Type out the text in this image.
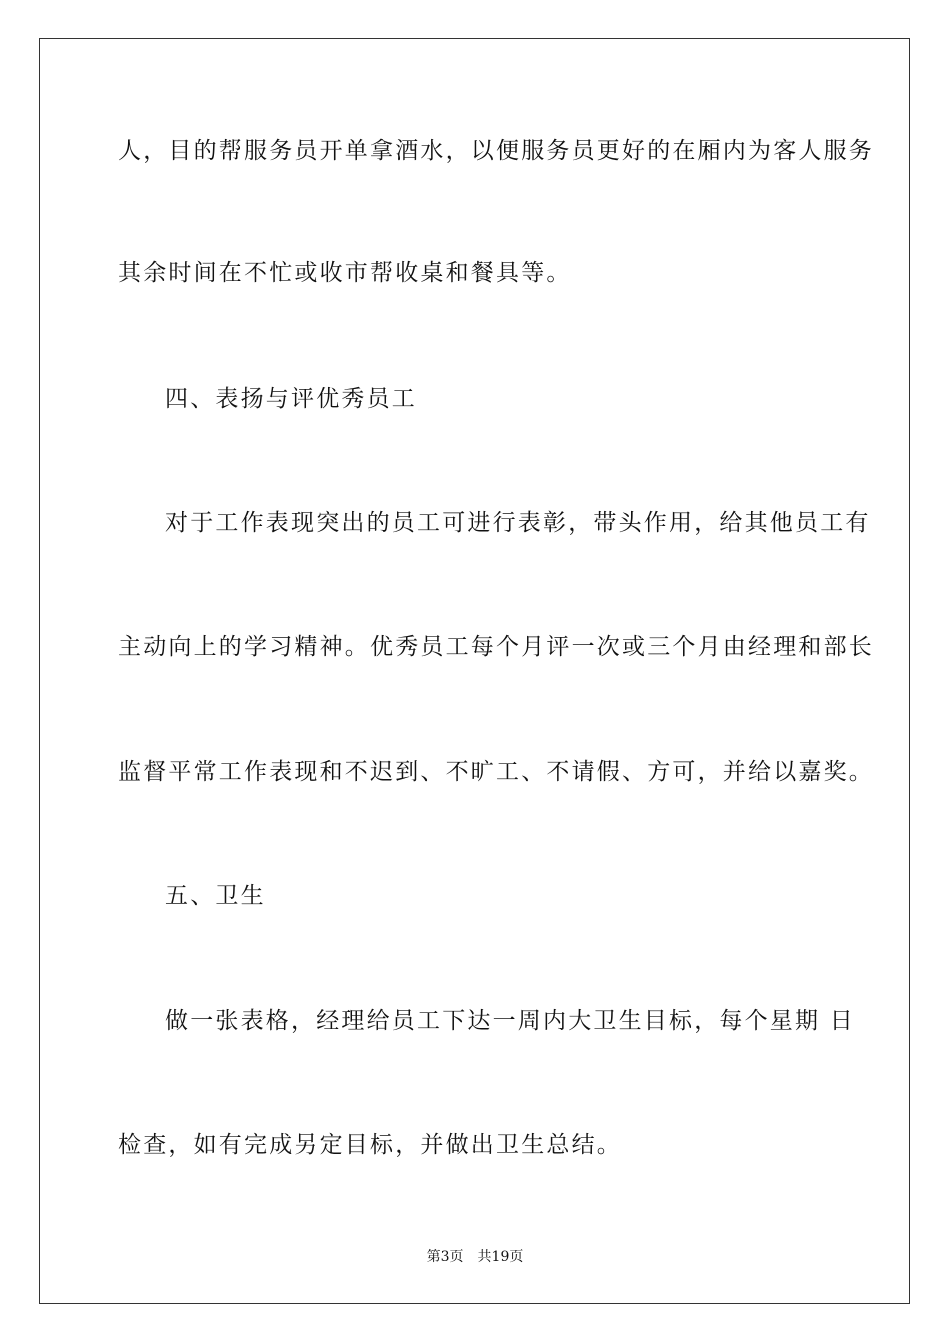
人，目的帮服务员开单拿酒水，以便服务员更好的在厢内为客人服务
其余时间在不忙或收市帮收桌和餐具等。
四、表扬与评优秀员工
对于工作表现突出的员工可进行表彰，带头作用，给其他员工有
主动向上的学习精神。优秀员工每个月评一次或三个月由经理和部长
监督平常工作表现和不迟到、不旷工、不请假、方可，并给以嘉奖。
五、卫生
做一张表格，经理给员工下达一周内大卫生目标，每个星期 日
检查，如有完成另定目标，并做出卫生总结。
第3页　共19页
